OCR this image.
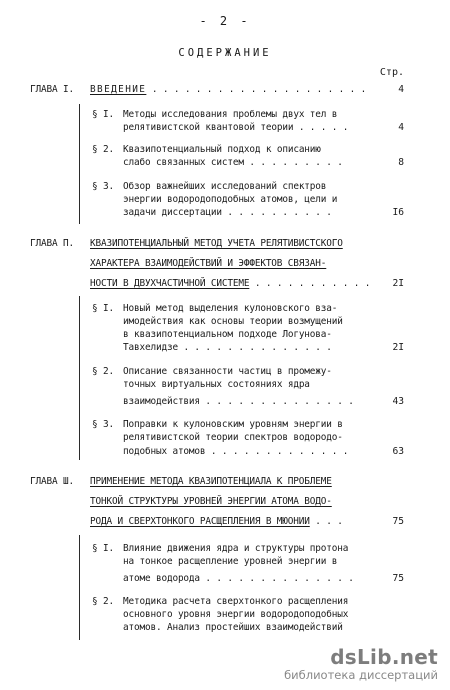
- 2 -
СОДЕРЖАНИЕ
Стр.
ГЛАВА I. ВВЕДЕНИЕ . . . . . . . . . . . . . . . . . . . .	4
§ I. Методы исследования проблемы двух тел в
релятивистской квантовой теории . . . . .	4
§ 2. Квазипотенциальный подход к описанию
слабо связанных систем . . . . . . . . .	8
§ 3. Обзор важнейших исследований спектров
энергии водородоподобных атомов, цели и
задачи диссертации . . . . . . . . . .	I6
ГЛАВА П. КВАЗИПОТЕНЦИАЛЬНЫЙ МЕТОД УЧЕТА РЕЛЯТИВИСТСКОГО
ХАРАКТЕРА ВЗАИМОДЕЙСТВИЙ И ЭФФЕКТОВ СВЯЗАН-
НОСТИ В ДВУХЧАСТИЧНОЙ СИСТЕМЕ . . . . . . . . . . . 2I
§ I. Новый метод выделения кулоновского вза-
имодействия как основы теории возмущений
в квазипотенциальном подходе Логунова-
Тавхелидзе . . . . . . . . . . . . . .	2I
§ 2. Описание связанности частиц в промежу-
точных виртуальных состояниях ядра
взаимодействия . . . . . . . . . . . . . .	43
§ 3. Поправки к кулоновским уровням энергии в
релятивистской теории спектров водородо-
подобных атомов . . . . . . . . . . . . .	63
ГЛАВА Ш. ПРИМЕНЕНИЕ МЕТОДА КВАЗИПОТЕНЦИАЛА К ПРОБЛЕМЕ
ТОНКОЙ СТРУКТУРЫ УРОВНЕЙ ЭНЕРГИИ АТОМА ВОДО-
РОДА И СВЕРХТОНКОГО РАСЩЕПЛЕНИЯ В МЮОНИИ . . .	75
§ I. Влияние движения ядра и структуры протона
на тонкое расщепление уровней энергии в
атоме водорода . . . . . . . . . . . . . .	75
§ 2. Методика расчета сверхтонкого расщепления
основного уровня энергии водородоподобных
атомов. Анализ простейших взаимодействий
dsLib.net
библиотека диссертаций
